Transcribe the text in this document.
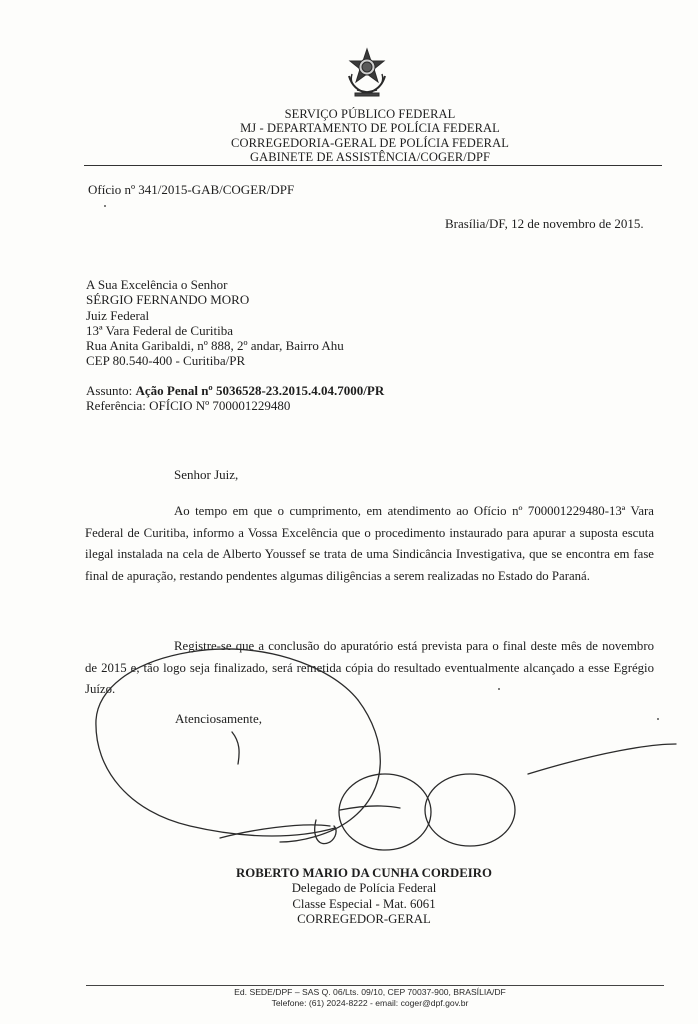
SERVIÇO PÚBLICO FEDERAL
MJ - DEPARTAMENTO DE POLÍCIA FEDERAL
CORREGEDORIA-GERAL DE POLÍCIA FEDERAL
GABINETE DE ASSISTÊNCIA/COGER/DPF
Ofício nº 341/2015-GAB/COGER/DPF
Brasília/DF, 12 de novembro de 2015.
A Sua Excelência o Senhor
SÉRGIO FERNANDO MORO
Juiz Federal
13ª Vara Federal de Curitiba
Rua Anita Garibaldi, nº 888, 2º andar, Bairro Ahu
CEP 80.540-400 - Curitiba/PR
Assunto: Ação Penal nº 5036528-23.2015.4.04.7000/PR
Referência: OFÍCIO Nº 700001229480
Senhor Juiz,
Ao tempo em que o cumprimento, em atendimento ao Ofício nº 700001229480-13ª Vara Federal de Curitiba, informo a Vossa Excelência que o procedimento instaurado para apurar a suposta escuta ilegal instalada na cela de Alberto Youssef se trata de uma Sindicância Investigativa, que se encontra em fase final de apuração, restando pendentes algumas diligências a serem realizadas no Estado do Paraná.
Registre-se que a conclusão do apuratório está prevista para o final deste mês de novembro de 2015 e, tão logo seja finalizado, será remetida cópia do resultado eventualmente alcançado a esse Egrégio Juízo.
Atenciosamente,
ROBERTO MARIO DA CUNHA CORDEIRO
Delegado de Polícia Federal
Classe Especial - Mat. 6061
CORREGEDOR-GERAL
Ed. SEDE/DPF – SAS Q. 06/Lts. 09/10, CEP 70037-900, BRASÍLIA/DF
Telefone: (61) 2024-8222 - email: coger@dpf.gov.br
